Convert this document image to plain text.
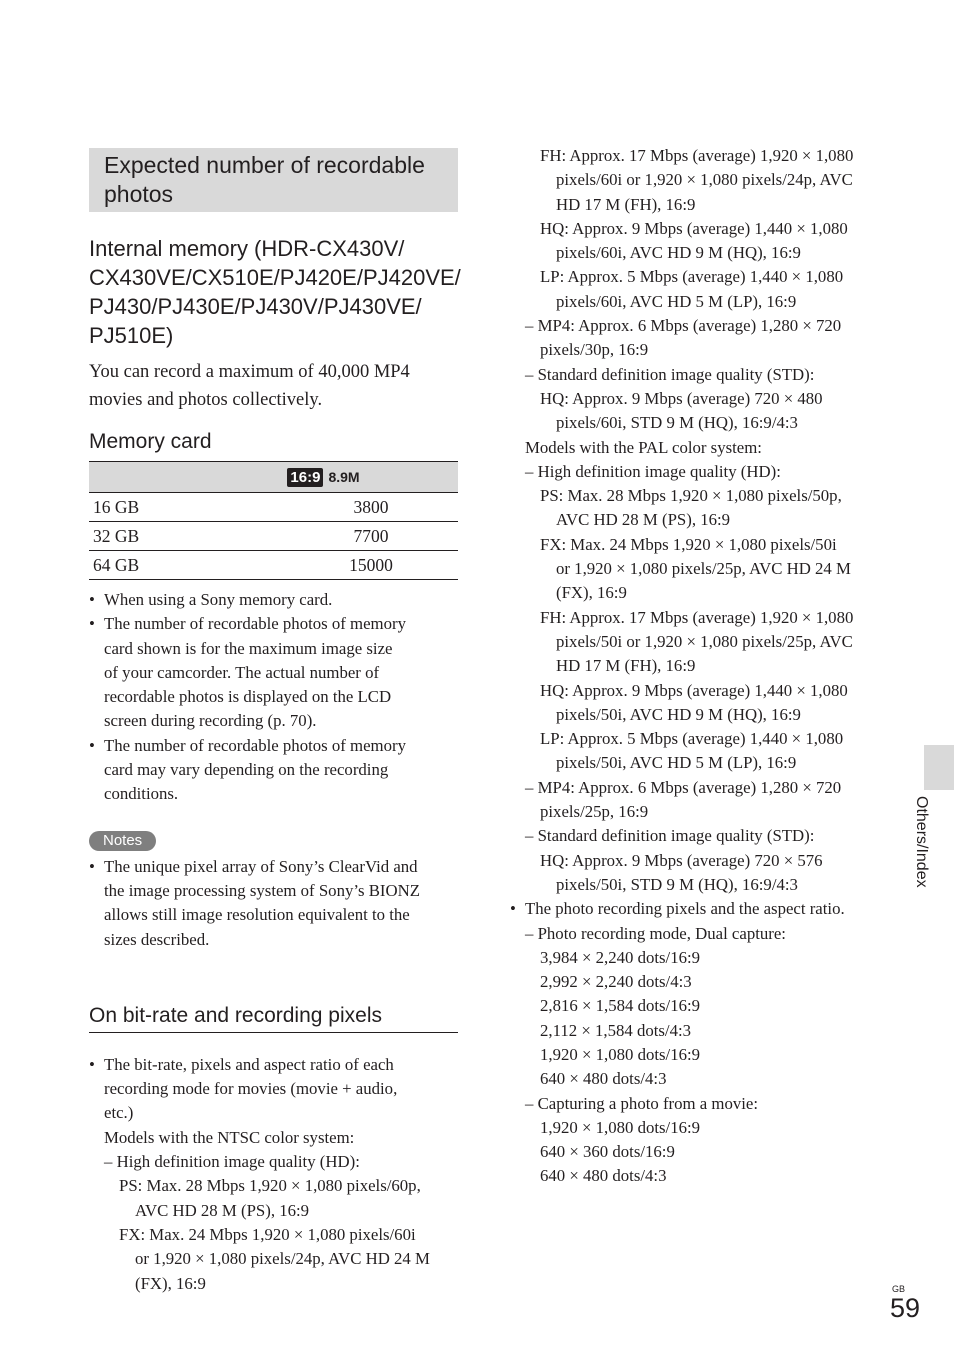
Expected number of recordable photos
Internal memory (HDR-CX430V/
CX430VE/CX510E/PJ420E/PJ420VE/
PJ430/PJ430E/PJ430V/PJ430VE/
PJ510E)
You can record a maximum of 40,000 MP4
movies and photos collectively.
Memory card
16:9 8.9M	

16 GB	3800
32 GB	7700
64 GB	15000
• When using a Sony memory card.
• The number of recordable photos of memory
card shown is for the maximum image size
of your camcorder. The actual number of
recordable photos is displayed on the LCD
screen during recording (p. 70).
• The number of recordable photos of memory
card may vary depending on the recording
conditions.
Notes
• The unique pixel array of Sony’s ClearVid and
the image processing system of Sony’s BIONZ
allows still image resolution equivalent to the
sizes described.
On bit-rate and recording pixels
• The bit-rate, pixels and aspect ratio of each
recording mode for movies (movie + audio,
etc.)
Models with the NTSC color system:
– High definition image quality (HD):
PS: Max. 28 Mbps 1,920 × 1,080 pixels/60p,
AVC HD 28 M (PS), 16:9
FX: Max. 24 Mbps 1,920 × 1,080 pixels/60i
or 1,920 × 1,080 pixels/24p, AVC HD 24 M
(FX), 16:9
FH: Approx. 17 Mbps (average) 1,920 × 1,080
pixels/60i or 1,920 × 1,080 pixels/24p, AVC
HD 17 M (FH), 16:9
HQ: Approx. 9 Mbps (average) 1,440 × 1,080
pixels/60i, AVC HD 9 M (HQ), 16:9
LP: Approx. 5 Mbps (average) 1,440 × 1,080
pixels/60i, AVC HD 5 M (LP), 16:9
– MP4: Approx. 6 Mbps (average) 1,280 × 720
pixels/30p, 16:9
– Standard definition image quality (STD):
HQ: Approx. 9 Mbps (average) 720 × 480
pixels/60i, STD 9 M (HQ), 16:9/4:3
Models with the PAL color system:
– High definition image quality (HD):
PS: Max. 28 Mbps 1,920 × 1,080 pixels/50p,
AVC HD 28 M (PS), 16:9
FX: Max. 24 Mbps 1,920 × 1,080 pixels/50i
or 1,920 × 1,080 pixels/25p, AVC HD 24 M
(FX), 16:9
FH: Approx. 17 Mbps (average) 1,920 × 1,080
pixels/50i or 1,920 × 1,080 pixels/25p, AVC
HD 17 M (FH), 16:9
HQ: Approx. 9 Mbps (average) 1,440 × 1,080
pixels/50i, AVC HD 9 M (HQ), 16:9
LP: Approx. 5 Mbps (average) 1,440 × 1,080
pixels/50i, AVC HD 5 M (LP), 16:9
– MP4: Approx. 6 Mbps (average) 1,280 × 720
pixels/25p, 16:9
– Standard definition image quality (STD):
HQ: Approx. 9 Mbps (average) 720 × 576
pixels/50i, STD 9 M (HQ), 16:9/4:3
• The photo recording pixels and the aspect ratio.
– Photo recording mode, Dual capture:
3,984 × 2,240 dots/16:9
2,992 × 2,240 dots/4:3
2,816 × 1,584 dots/16:9
2,112 × 1,584 dots/4:3
1,920 × 1,080 dots/16:9
640 × 480 dots/4:3
– Capturing a photo from a movie:
1,920 × 1,080 dots/16:9
640 × 360 dots/16:9
640 × 480 dots/4:3
Others/Index
GB
59
